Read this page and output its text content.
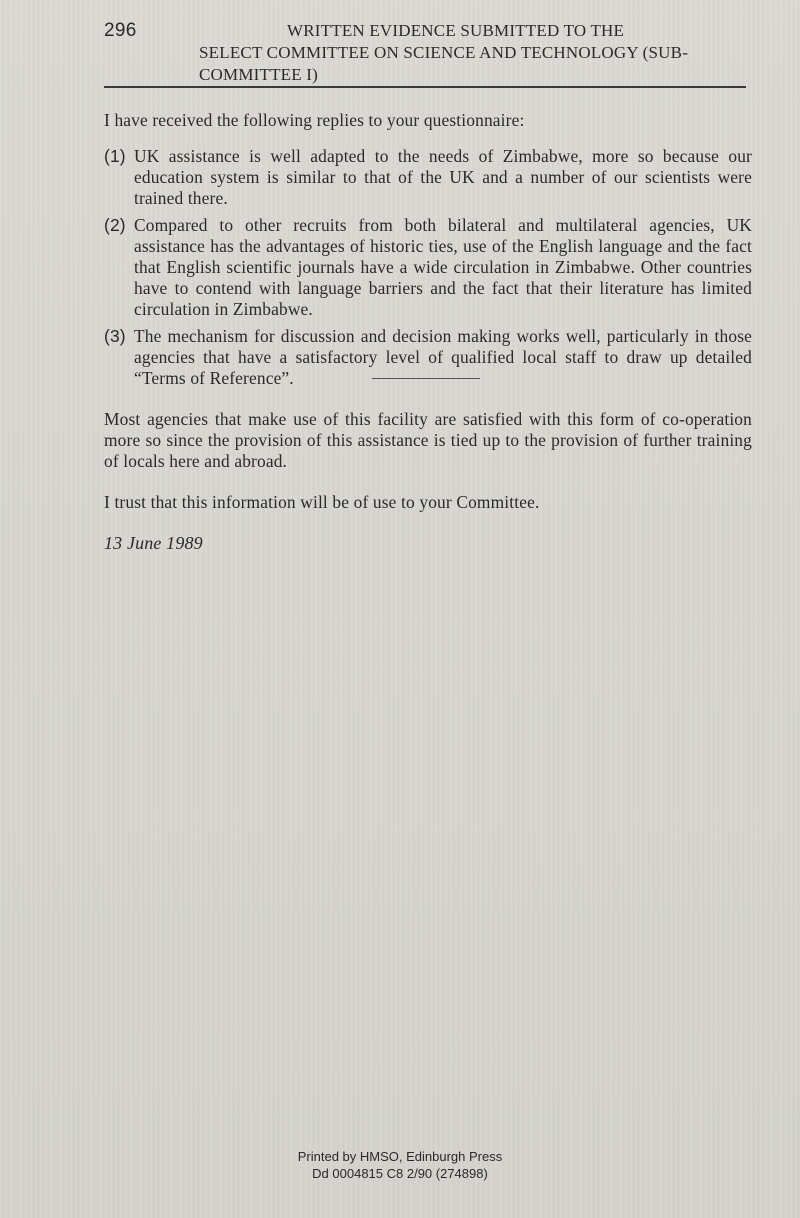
296	WRITTEN EVIDENCE SUBMITTED TO THE
SELECT COMMITTEE ON SCIENCE AND TECHNOLOGY (SUB-COMMITTEE I)

I have received the following replies to your questionnaire:

(1) UK assistance is well adapted to the needs of Zimbabwe, more so because our education system is similar to that of the UK and a number of our scientists were trained there.
(2) Compared to other recruits from both bilateral and multilateral agencies, UK assistance has the advantages of historic ties, use of the English language and the fact that English scientific journals have a wide circulation in Zimbabwe. Other countries have to contend with language barriers and the fact that their literature has limited circulation in Zimbabwe.
(3) The mechanism for discussion and decision making works well, particularly in those agencies that have a satisfactory level of qualified local staff to draw up detailed “Terms of Reference”.

Most agencies that make use of this facility are satisfied with this form of co-operation more so since the provision of this assistance is tied up to the provision of further training of locals here and abroad.

I trust that this information will be of use to your Committee.

13 June 1989

Printed by HMSO, Edinburgh Press
Dd 0004815 C8 2/90 (274898)
